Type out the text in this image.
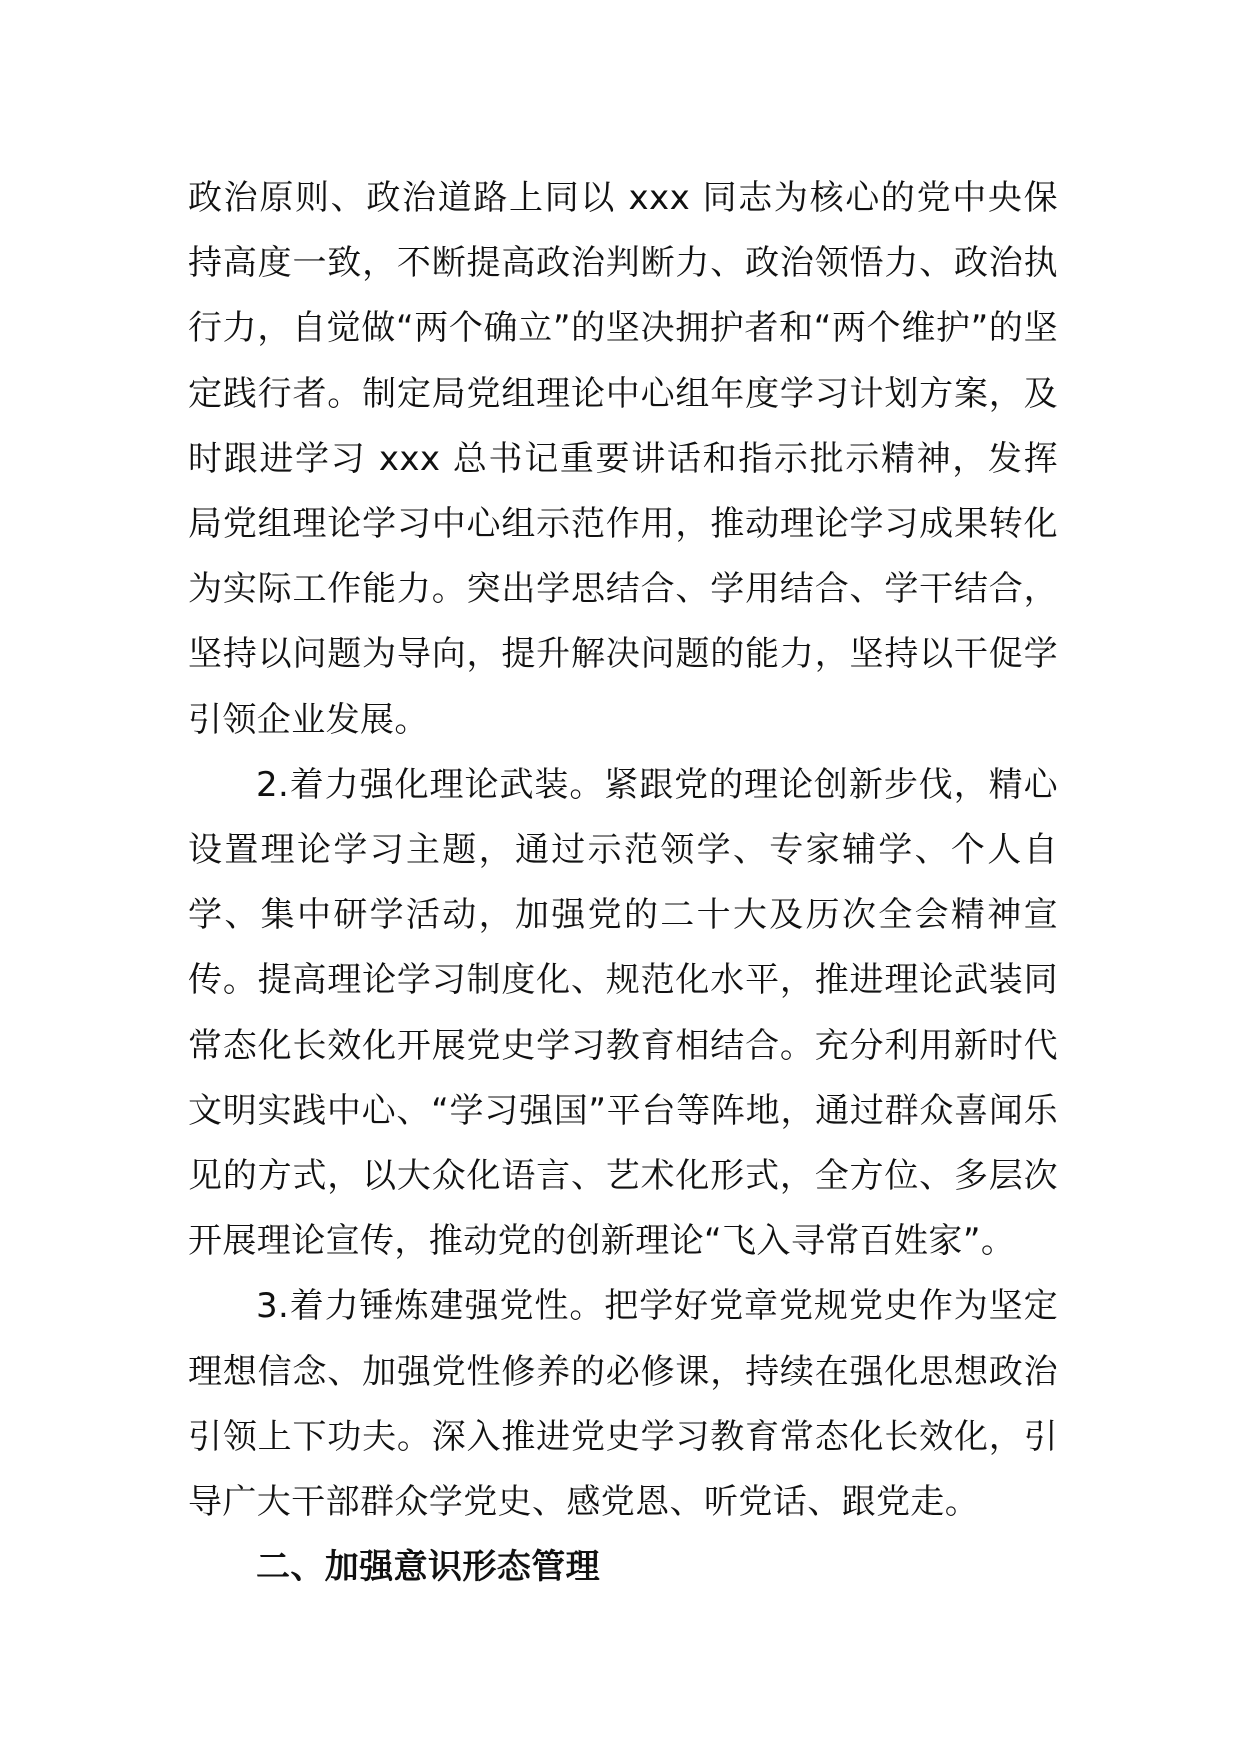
政治原则、政治道路上同以 xxx 同志为核心的党中央保持高度一致，不断提高政治判断力、政治领悟力、政治执行力，自觉做“两个确立”的坚决拥护者和“两个维护”的坚定践行者。制定局党组理论中心组年度学习计划方案，及时跟进学习 xxx 总书记重要讲话和指示批示精神，发挥局党组理论学习中心组示范作用，推动理论学习成果转化为实际工作能力。突出学思结合、学用结合、学干结合，坚持以问题为导向，提升解决问题的能力，坚持以干促学引领企业发展。

2.着力强化理论武装。紧跟党的理论创新步伐，精心设置理论学习主题，通过示范领学、专家辅学、个人自学、集中研学活动，加强党的二十大及历次全会精神宣传。提高理论学习制度化、规范化水平，推进理论武装同常态化长效化开展党史学习教育相结合。充分利用新时代文明实践中心、“学习强国”平台等阵地，通过群众喜闻乐见的方式，以大众化语言、艺术化形式，全方位、多层次开展理论宣传，推动党的创新理论“飞入寻常百姓家”。

3.着力锤炼建强党性。把学好党章党规党史作为坚定理想信念、加强党性修养的必修课，持续在强化思想政治引领上下功夫。深入推进党史学习教育常态化长效化，引导广大干部群众学党史、感党恩、听党话、跟党走。

二、加强意识形态管理
